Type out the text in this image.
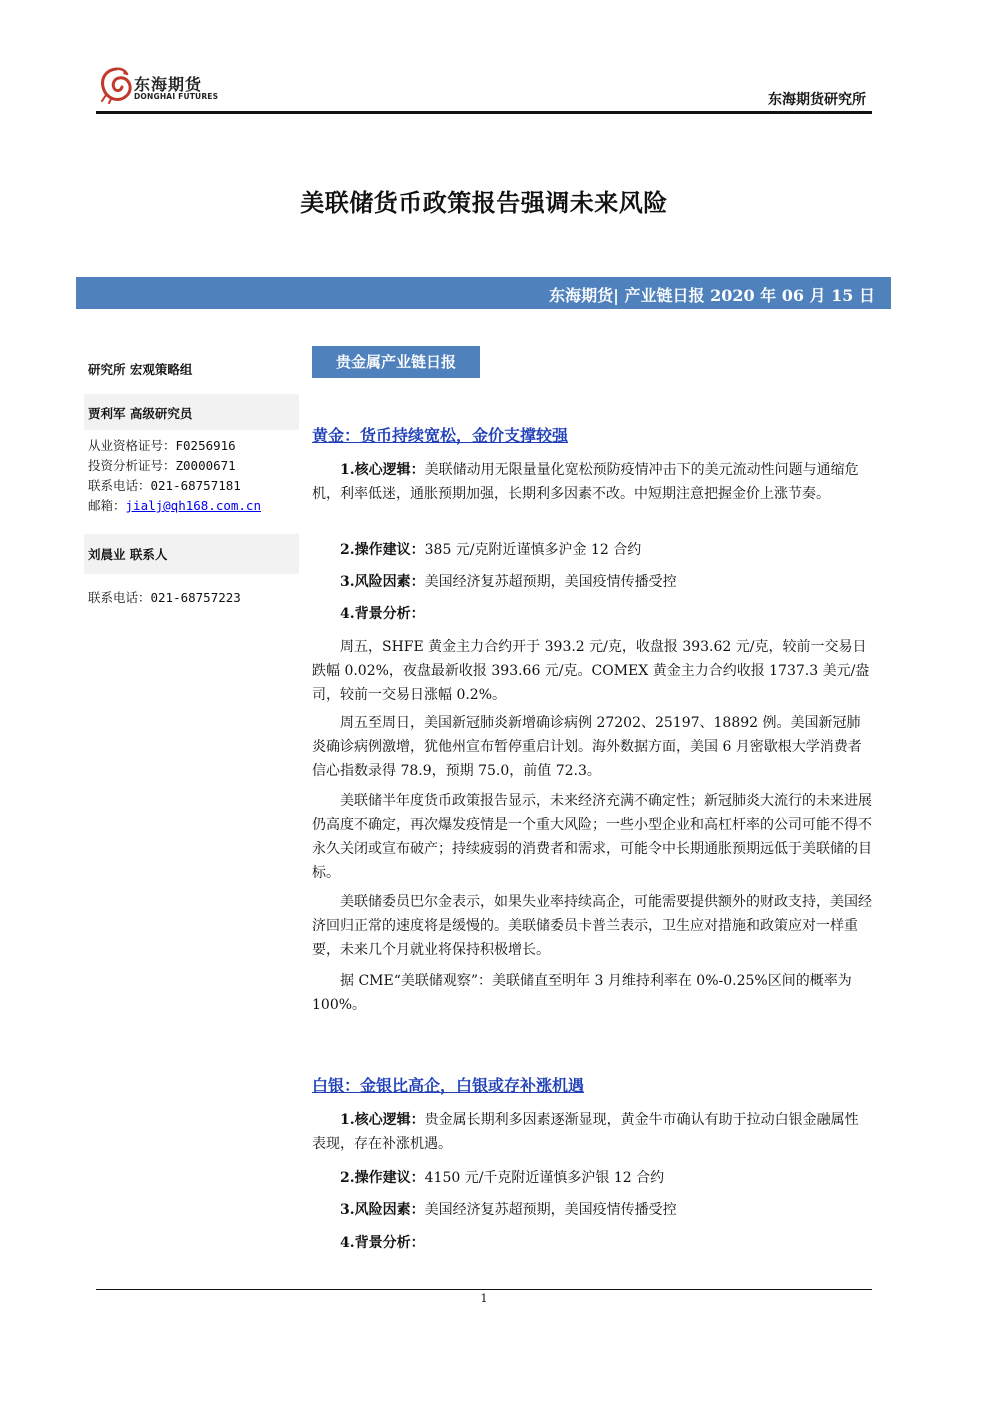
东海期货
DONGHAI FUTURES	东海期货研究所
美联储货币政策报告强调未来风险
东海期货| 产业链日报 2020 年 06 月 15 日
研究所 宏观策略组
贾利军 高级研究员
从业资格证号：F0256916
投资分析证号：Z0000671
联系电话：021-68757181
邮箱：jialj@qh168.com.cn
刘晨业 联系人
联系电话：021-68757223
贵金属产业链日报
黄金：货币持续宽松，金价支撑较强
1.核心逻辑：美联储动用无限量量化宽松预防疫情冲击下的美元流动性问题与通缩危机，利率低迷，通胀预期加强，长期利多因素不改。中短期注意把握金价上涨节奏。
2.操作建议：385 元/克附近谨慎多沪金 12 合约
3.风险因素：美国经济复苏超预期，美国疫情传播受控
4.背景分析：
周五，SHFE 黄金主力合约开于 393.2 元/克，收盘报 393.62 元/克，较前一交易日跌幅 0.02%，夜盘最新收报 393.66 元/克。COMEX 黄金主力合约收报 1737.3 美元/盎司，较前一交易日涨幅 0.2%。
周五至周日，美国新冠肺炎新增确诊病例 27202、25197、18892 例。美国新冠肺炎确诊病例激增，犹他州宣布暂停重启计划。海外数据方面，美国 6 月密歇根大学消费者信心指数录得 78.9，预期 75.0，前值 72.3。
美联储半年度货币政策报告显示，未来经济充满不确定性；新冠肺炎大流行的未来进展仍高度不确定，再次爆发疫情是一个重大风险；一些小型企业和高杠杆率的公司可能不得不永久关闭或宣布破产；持续疲弱的消费者和需求，可能令中长期通胀预期远低于美联储的目标。
美联储委员巴尔金表示，如果失业率持续高企，可能需要提供额外的财政支持，美国经济回归正常的速度将是缓慢的。美联储委员卡普兰表示，卫生应对措施和政策应对一样重要，未来几个月就业将保持积极增长。
据 CME“美联储观察”：美联储直至明年 3 月维持利率在 0%-0.25%区间的概率为 100%。
白银：金银比高企，白银或存补涨机遇
1.核心逻辑：贵金属长期利多因素逐渐显现，黄金牛市确认有助于拉动白银金融属性表现，存在补涨机遇。
2.操作建议：4150 元/千克附近谨慎多沪银 12 合约
3.风险因素：美国经济复苏超预期，美国疫情传播受控
4.背景分析：
1
